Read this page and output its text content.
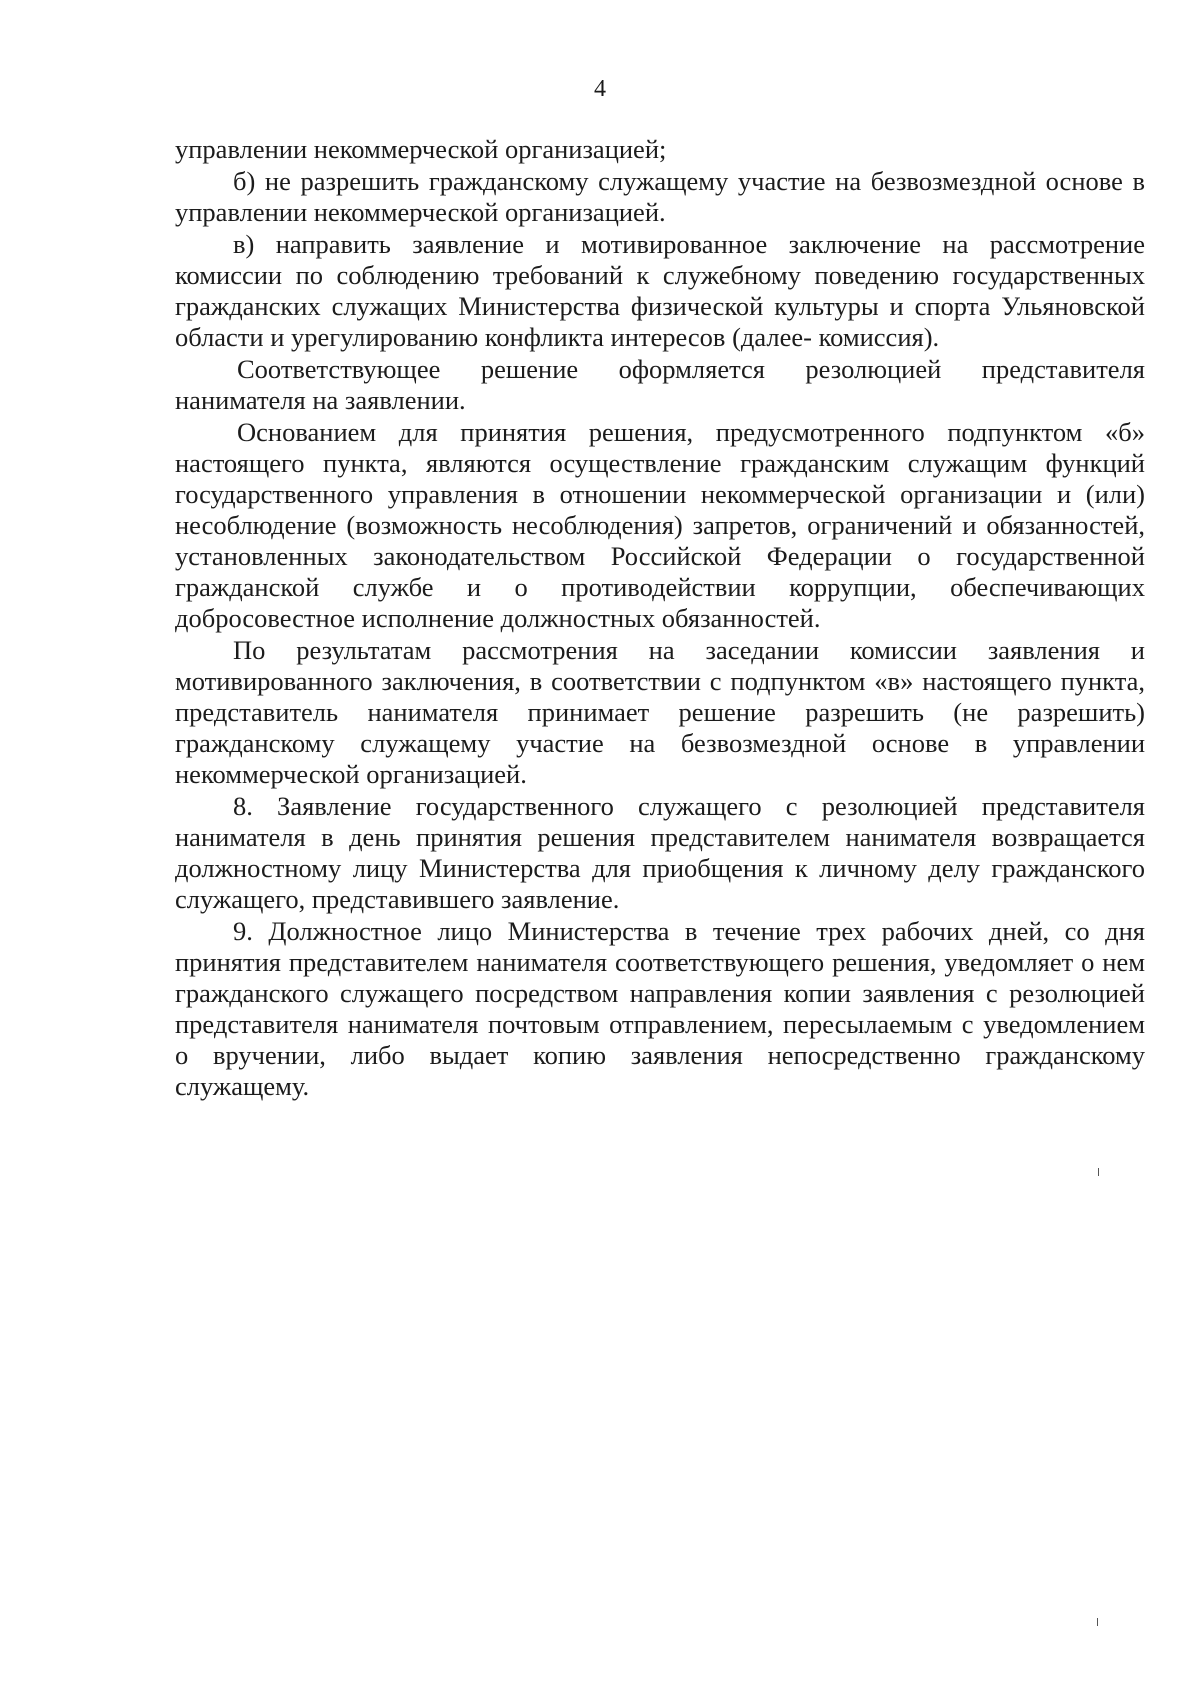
4

управлении некоммерческой организацией;

б) не разрешить гражданскому служащему участие на безвозмездной основе в управлении некоммерческой организацией.

в) направить заявление и мотивированное заключение на рассмотрение комиссии по соблюдению требований к служебному поведению государственных гражданских служащих Министерства физической культуры и спорта Ульяновской области и урегулированию конфликта интересов (далее- комиссия).

Соответствующее решение оформляется резолюцией представителя нанимателя на заявлении.

Основанием для принятия решения, предусмотренного подпунктом «б» настоящего пункта, являются осуществление гражданским служащим функций государственного управления в отношении некоммерческой организации и (или) несоблюдение (возможность несоблюдения) запретов, ограничений и обязанностей, установленных законодательством Российской Федерации о государственной гражданской службе и о противодействии коррупции, обеспечивающих добросовестное исполнение должностных обязанностей.

По результатам рассмотрения на заседании комиссии заявления и мотивированного заключения, в соответствии с подпунктом «в» настоящего пункта, представитель нанимателя принимает решение разрешить (не разрешить) гражданскому служащему участие на безвозмездной основе в управлении некоммерческой организацией.

8. Заявление государственного служащего с резолюцией представителя нанимателя в день принятия решения представителем нанимателя возвращается должностному лицу Министерства для приобщения к личному делу гражданского служащего, представившего заявление.

9. Должностное лицо Министерства в течение трех рабочих дней, со дня принятия представителем нанимателя соответствующего решения, уведомляет о нем гражданского служащего посредством направления копии заявления с резолюцией представителя нанимателя почтовым отправлением, пересылаемым с уведомлением о вручении, либо выдает копию заявления непосредственно гражданскому служащему.
